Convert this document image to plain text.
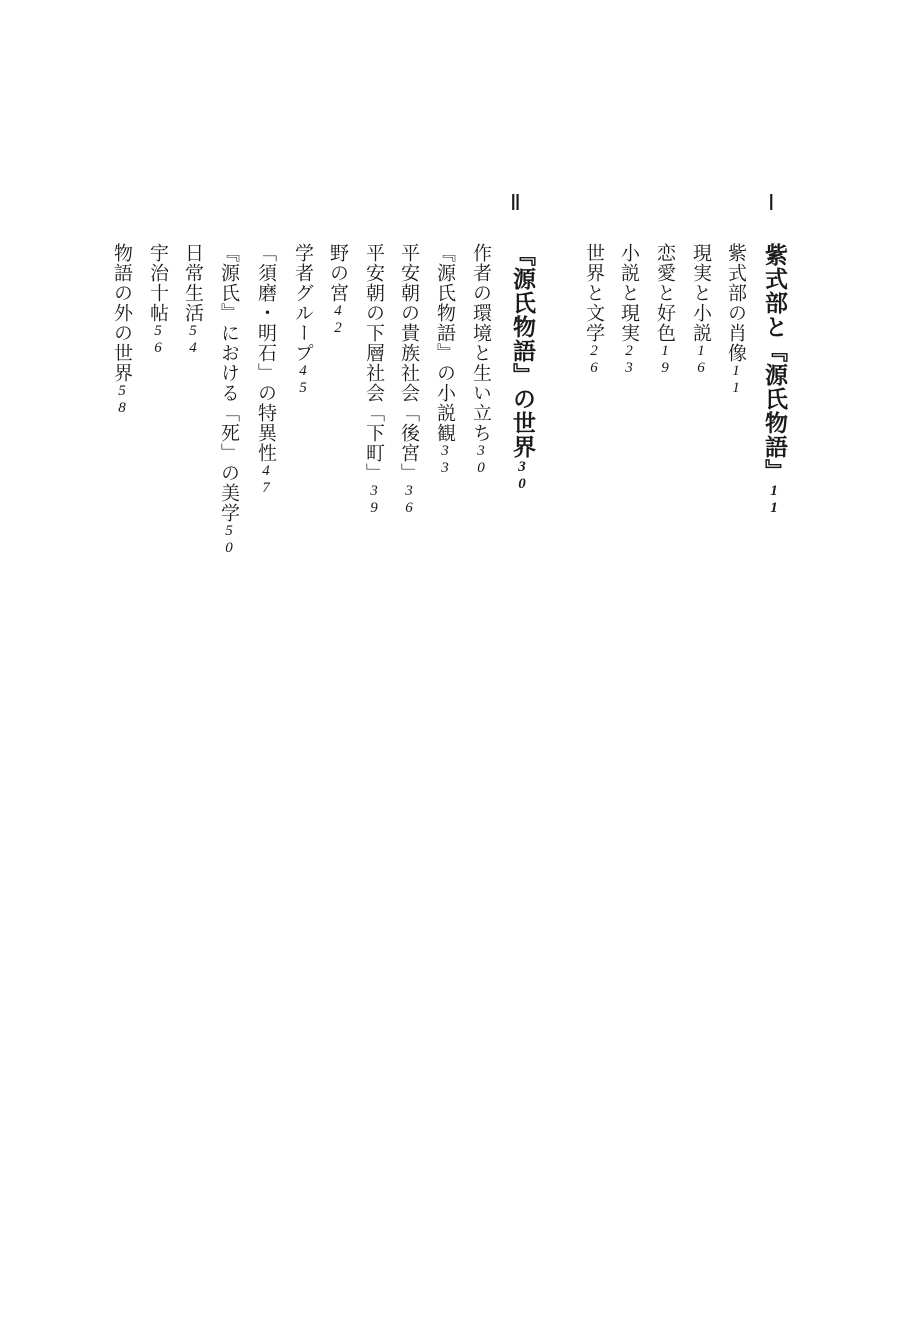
Ⅰ
紫式部と『源氏物語』11
紫式部の肖像11
現実と小説16
恋愛と好色19
小説と現実23
世界と文学26
Ⅱ
『源氏物語』の世界30
作者の環境と生い立ち30
『源氏物語』の小説観33
平安朝の貴族社会「後宮」36
平安朝の下層社会「下町」39
野の宮42
学者グループ45
「須磨・明石」の特異性47
『源氏』における「死」の美学50
日常生活54
宇治十帖56
物語の外の世界58
